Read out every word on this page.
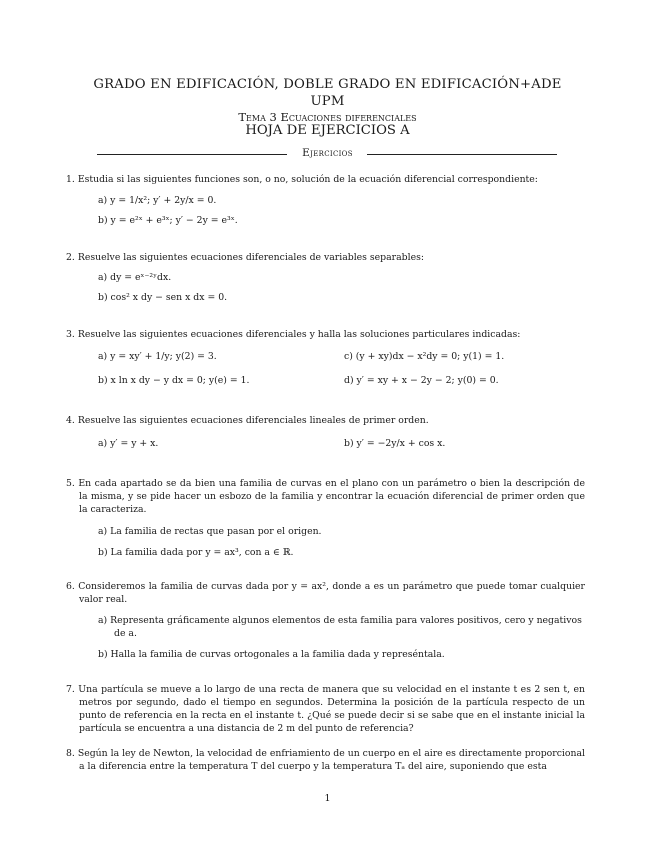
GRADO EN EDIFICACIÓN, DOBLE GRADO EN EDIFICACIÓN+ADE
UPM
Tema 3 Ecuaciones diferenciales
HOJA DE EJERCICIOS A
Ejercicios
1. Estudia si las siguientes funciones son, o no, solución de la ecuación diferencial correspondiente:
a) y = 1/x²; y′ + 2y/x = 0.
b) y = e²ˣ + e³ˣ; y′ − 2y = e³ˣ.
2. Resuelve las siguientes ecuaciones diferenciales de variables separables:
a) dy = eˣ⁻²ʸdx.
b) cos² x dy − sen x dx = 0.
3. Resuelve las siguientes ecuaciones diferenciales y halla las soluciones particulares indicadas:
a) y = xy′ + 1/y; y(2) = 3.	c) (y + xy)dx − x²dy = 0; y(1) = 1.
b) x ln x dy − y dx = 0; y(e) = 1.	d) y′ = xy + x − 2y − 2; y(0) = 0.
4. Resuelve las siguientes ecuaciones diferenciales lineales de primer orden.
a) y′ = y + x.	b) y′ = −2y/x + cos x.
5. En cada apartado se da bien una familia de curvas en el plano con un parámetro o bien la descripción de la misma, y se pide hacer un esbozo de la familia y encontrar la ecuación diferencial de primer orden que la caracteriza.
a) La familia de rectas que pasan por el origen.
b) La familia dada por y = ax³, con a ∈ ℝ.
6. Consideremos la familia de curvas dada por y = ax², donde a es un parámetro que puede tomar cualquier valor real.
a) Representa gráficamente algunos elementos de esta familia para valores positivos, cero y negativos de a.
b) Halla la familia de curvas ortogonales a la familia dada y represéntala.
7. Una partícula se mueve a lo largo de una recta de manera que su velocidad en el instante t es 2 sen t, en metros por segundo, dado el tiempo en segundos. Determina la posición de la partícula respecto de un punto de referencia en la recta en el instante t. ¿Qué se puede decir si se sabe que en el instante inicial la partícula se encuentra a una distancia de 2 m del punto de referencia?
8. Según la ley de Newton, la velocidad de enfriamiento de un cuerpo en el aire es directamente proporcional a la diferencia entre la temperatura T del cuerpo y la temperatura Tₐ del aire, suponiendo que esta
1
